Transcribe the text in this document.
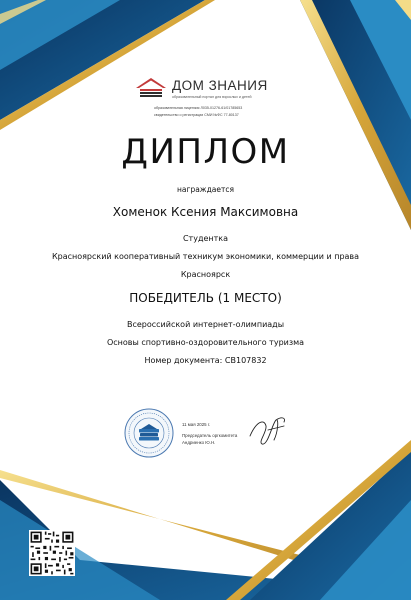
ДОМ ЗНАНИЯ
образовательный портал для взрослых и детей
образовательная лицензия Л035-01276-61/01785653
свидетельство о регистрации СМИ №ФС 77-80137
ДИПЛОМ
награждается
Хоменок Ксения Максимовна
Студентка
Красноярский кооперативный техникум экономики, коммерции и права
Красноярск
ПОБЕДИТЕЛЬ (1 МЕСТО)
Всероссийской интернет-олимпиады
Основы спортивно-оздоровительного туризма
Номер документа: СВ107832
11 мая 2025 г.
Председатель оргкомитета
Андриенко Ю.Н.
